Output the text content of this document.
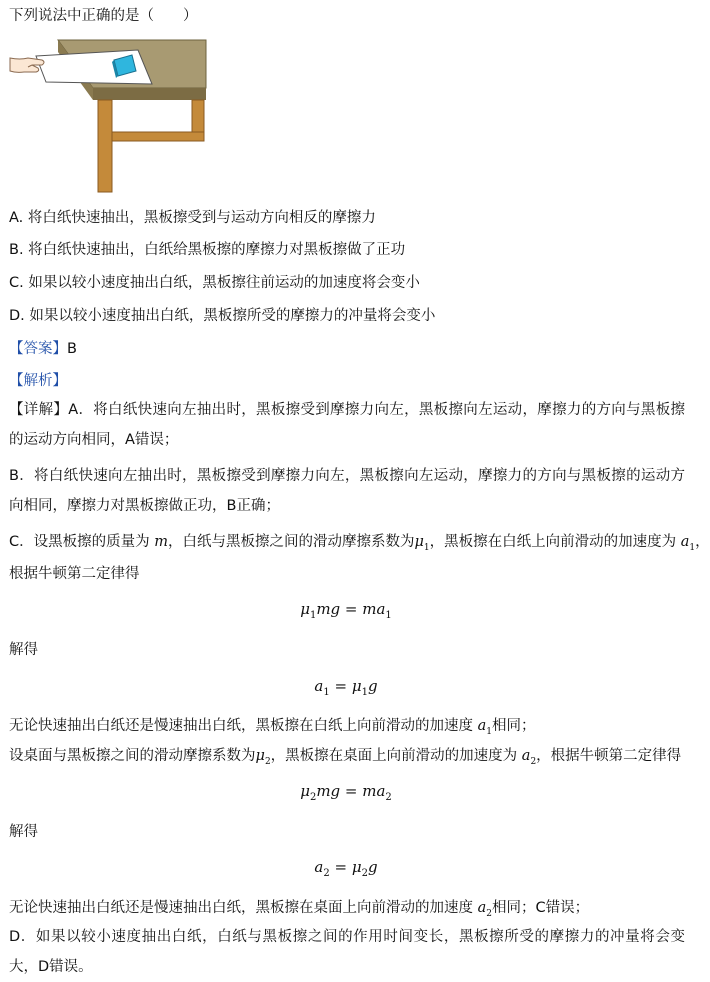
下列说法中正确的是（　　）
A. 将白纸快速抽出，黑板擦受到与运动方向相反的摩擦力
B. 将白纸快速抽出，白纸给黑板擦的摩擦力对黑板擦做了正功
C. 如果以较小速度抽出白纸，黑板擦往前运动的加速度将会变小
D. 如果以较小速度抽出白纸，黑板擦所受的摩擦力的冲量将会变小
【答案】B
【解析】
【详解】A．将白纸快速向左抽出时，黑板擦受到摩擦力向左，黑板擦向左运动，摩擦力的方向与黑板擦的运动方向相同，A错误；
B．将白纸快速向左抽出时，黑板擦受到摩擦力向左，黑板擦向左运动，摩擦力的方向与黑板擦的运动方向相同，摩擦力对黑板擦做正功，B正确；
C．设黑板擦的质量为 m，白纸与黑板擦之间的滑动摩擦系数为$\mu_1$，黑板擦在白纸上向前滑动的加速度为 $a_1$，
根据牛顿第二定律得
$\mu_1mg = ma_1$
解得
$a_1 = \mu_1g$
无论快速抽出白纸还是慢速抽出白纸，黑板擦在白纸上向前滑动的加速度 $a_1$相同；
设桌面与黑板擦之间的滑动摩擦系数为$\mu_2$，黑板擦在桌面上向前滑动的加速度为 $a_2$，根据牛顿第二定律得
$\mu_2mg = ma_2$
解得
$a_2 = \mu_2g$
无论快速抽出白纸还是慢速抽出白纸，黑板擦在桌面上向前滑动的加速度 $a_2$相同；C错误；
D．如果以较小速度抽出白纸，白纸与黑板擦之间的作用时间变长，黑板擦所受的摩擦力的冲量将会变大，D错误。
